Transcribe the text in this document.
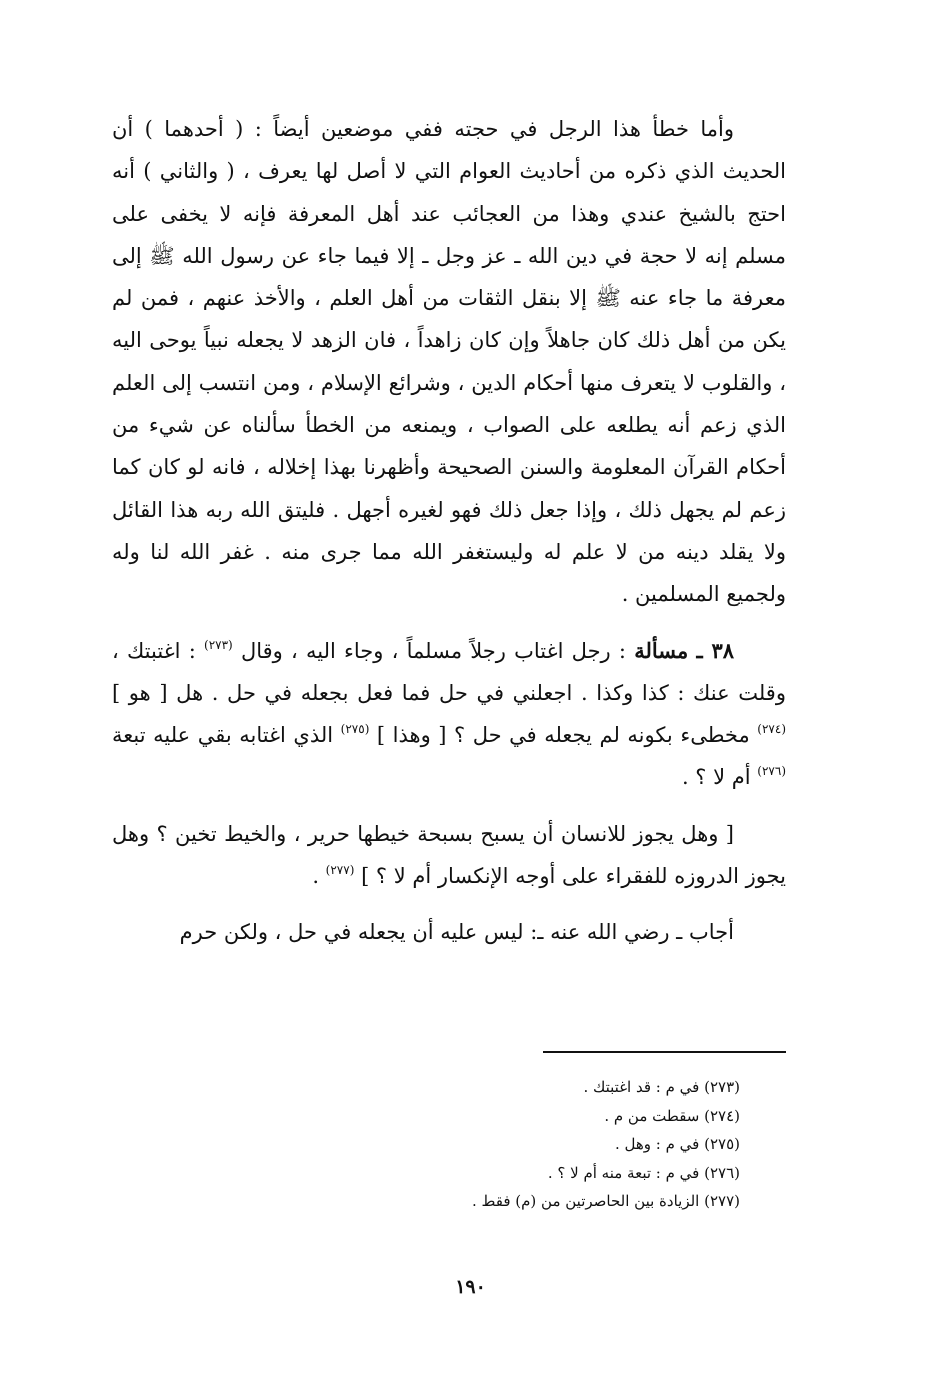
وأما خطأ هذا الرجل في حجته ففي موضعين أيضاً : ( أحدهما ) أن الحديث الذي ذكره من أحاديث العوام التي لا أصل لها يعرف ، ( والثاني ) أنه احتج بالشيخ عندي وهذا من العجائب عند أهل المعرفة فإنه لا يخفى على مسلم إنه لا حجة في دين الله ـ عز وجل ـ إلا فيما جاء عن رسول الله ﷺ إلى معرفة ما جاء عنه ﷺ إلا بنقل الثقات من أهل العلم ، والأخذ عنهم ، فمن لم يكن من أهل ذلك كان جاهلاً وإن كان زاهداً ، فان الزهد لا يجعله نبياً يوحى اليه ، والقلوب لا يتعرف منها أحكام الدين ، وشرائع الإسلام ، ومن انتسب إلى العلم الذي زعم أنه يطلعه على الصواب ، ويمنعه من الخطأ سألناه عن شيء من أحكام القرآن المعلومة والسنن الصحيحة وأظهرنا بهذا إخلاله ، فانه لو كان كما زعم لم يجهل ذلك ، وإذا جعل ذلك فهو لغيره أجهل . فليتق الله ربه هذا القائل ولا يقلد دينه من لا علم له وليستغفر الله مما جرى منه . غفر الله لنا وله ولجميع المسلمين .

٣٨ ـ مسألة : رجل اغتاب رجلاً مسلماً ، وجاء اليه ، وقال $^{(٢٧٣)}$ : اغتبتك ، وقلت عنك : كذا وكذا . اجعلني في حل فما فعل بجعله في حل . هل [ هو ] $^{(٢٧٤)}$ مخطىء بكونه لم يجعله في حل ؟ [ وهذا ] $^{(٢٧٥)}$ الذي اغتابه بقي عليه تبعة $^{(٢٧٦)}$ أم لا ؟ .

[ وهل يجوز للانسان أن يسبح بسبحة خيطها حرير ، والخيط تخين ؟ وهل يجوز الدروزه للفقراء على أوجه الإنكسار أم لا ؟ ] $^{(٢٧٧)}$ .

أجاب ـ رضي الله عنه ـ: ليس عليه أن يجعله في حل ، ولكن حرم

(٢٧٣) في م : قد اغتبتك .
(٢٧٤) سقطت من م .
(٢٧٥) في م : وهل .
(٢٧٦) في م : تبعة منه أم لا ؟ .
(٢٧٧) الزيادة بين الحاصرتين من (م) فقط .
١٩٠
